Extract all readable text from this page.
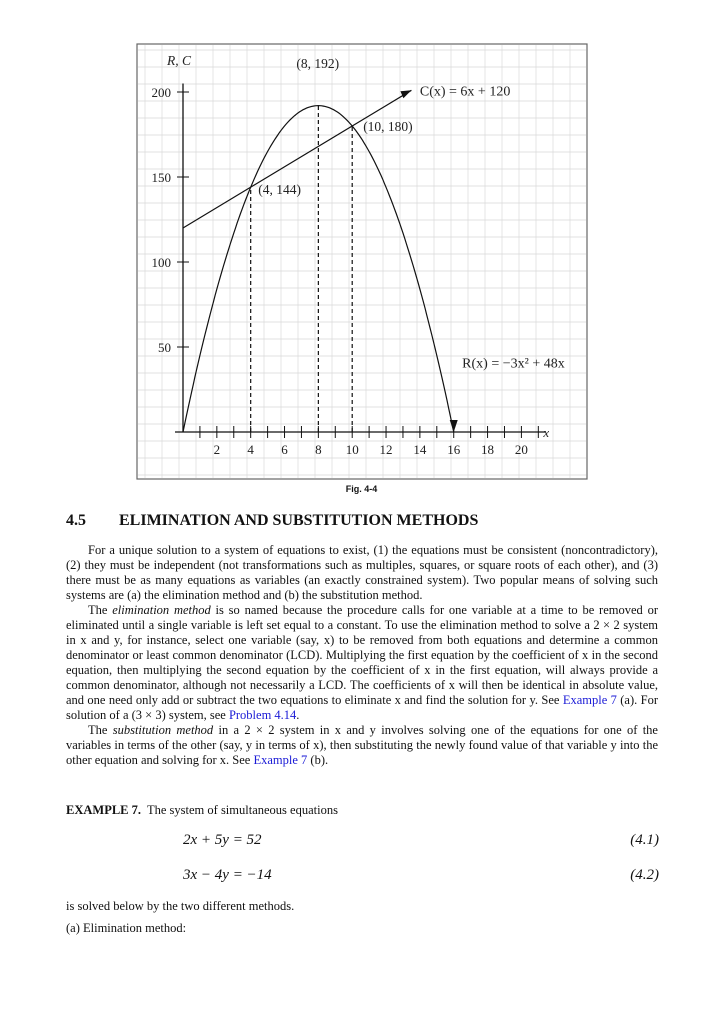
2 4 6 8 10 12 14 16 18 20
50
100
150
200
R, C
x
C(x) = 6x + 120
R(x) = −3x² + 48x
(8, 192)
(10, 180)
(4, 144)
Fig. 4-4
4.5 ELIMINATION AND SUBSTITUTION METHODS

For a unique solution to a system of equations to exist, (1) the equations must be consistent (noncontradictory), (2) they must be independent (not transformations such as multiples, squares, or square roots of each other), and (3) there must be as many equations as variables (an exactly constrained system). Two popular means of solving such systems are (a) the elimination method and (b) the substitution method.

The elimination method is so named because the procedure calls for one variable at a time to be removed or eliminated until a single variable is left set equal to a constant. To use the elimination method to solve a 2 × 2 system in x and y, for instance, select one variable (say, x) to be removed from both equations and determine a common denominator or least common denominator (LCD). Multiplying the first equation by the coefficient of x in the second equation, then multiplying the second equation by the coefficient of x in the first equation, will always provide a common denominator, although not necessarily a LCD. The coefficients of x will then be identical in absolute value, and one need only add or subtract the two equations to eliminate x and find the solution for y. See Example 7 (a). For solution of a (3 × 3) system, see Problem 4.14.

The substitution method in a 2 × 2 system in x and y involves solving one of the equations for one of the variables in terms of the other (say, y in terms of x), then substituting the newly found value of that variable y into the other equation and solving for x. See Example 7 (b).

EXAMPLE 7. The system of simultaneous equations
2x + 5y = 52	(4.1)
3x − 4y = −14	(4.2)
is solved below by the two different methods.
(a) Elimination method:
